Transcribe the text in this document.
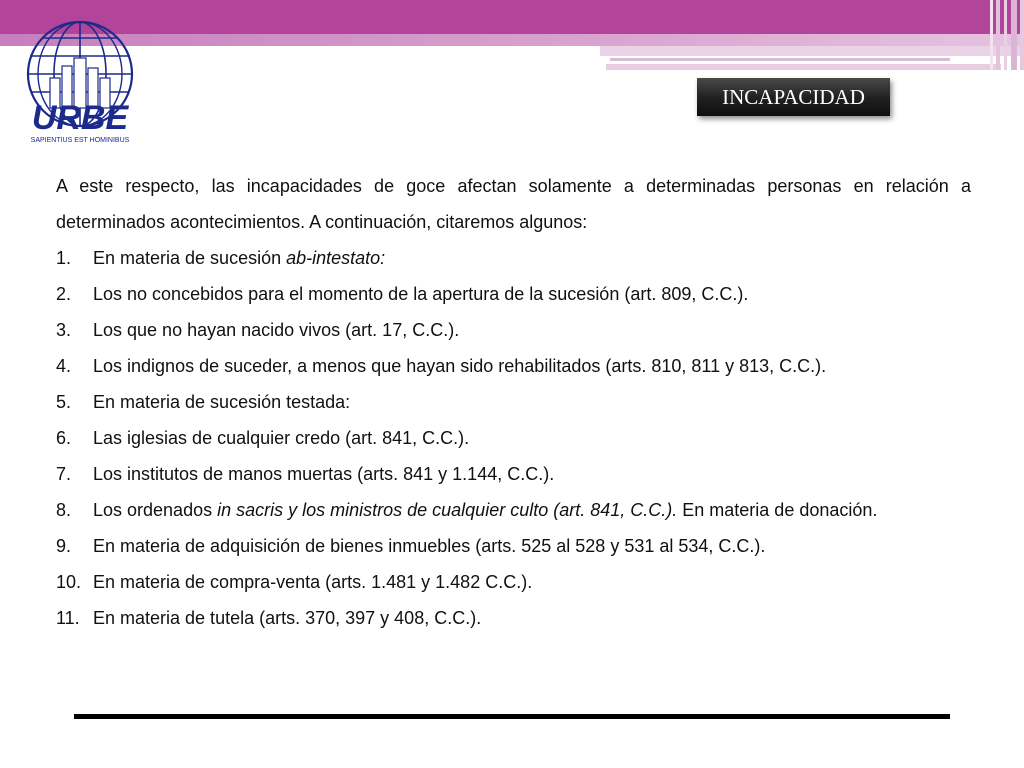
URBE
SAPIENTIUS EST HOMINIBUS
INCAPACIDAD

A este respecto, las incapacidades de goce afectan solamente a determinadas personas en relación a determinados acontecimientos. A continuación, citaremos algunos:

1.	En materia de sucesión ab-intestato:
2.	Los no concebidos para el momento de la apertura de la sucesión (art. 809, C.C.).
3.	Los que no hayan nacido vivos (art. 17, C.C.).
4.	Los indignos de suceder, a menos que hayan sido rehabilitados (arts. 810, 811 y 813, C.C.).
5.	En materia de sucesión testada:
6.	Las iglesias de cualquier credo (art. 841, C.C.).
7.	Los institutos de manos muertas (arts. 841 y 1.144, C.C.).
8.	Los ordenados in sacris y los ministros de cualquier culto (art. 841, C.C.). En materia de donación.
9.	En materia de adquisición de bienes inmuebles (arts. 525 al 528 y 531 al 534, C.C.).
10. En materia de compra-venta (arts. 1.481 y 1.482 C.C.).
11. En materia de tutela (arts. 370, 397 y 408, C.C.).
